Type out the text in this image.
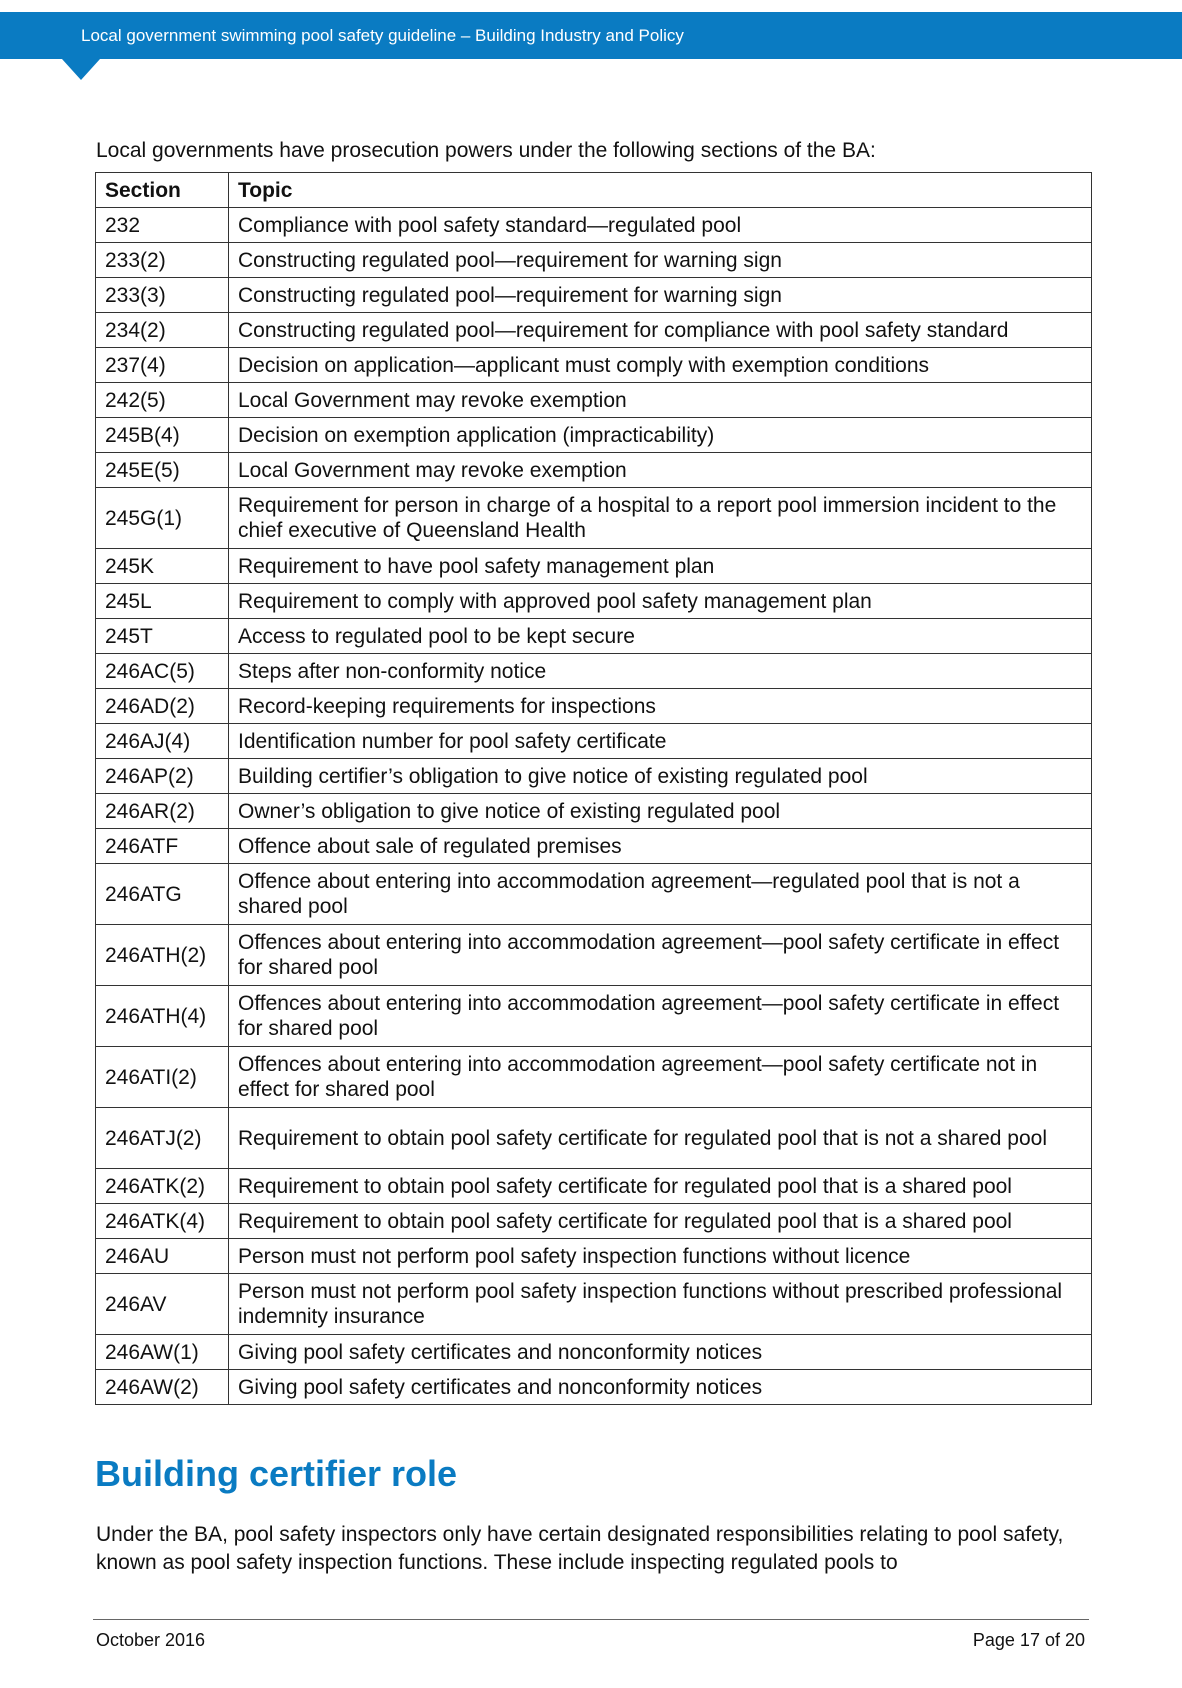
Local government swimming pool safety guideline – Building Industry and Policy
Local governments have prosecution powers under the following sections of the BA:
Section	Topic
232	Compliance with pool safety standard—regulated pool
233(2)	Constructing regulated pool—requirement for warning sign
233(3)	Constructing regulated pool—requirement for warning sign
234(2)	Constructing regulated pool—requirement for compliance with pool safety standard
237(4)	Decision on application—applicant must comply with exemption conditions
242(5)	Local Government may revoke exemption
245B(4)	Decision on exemption application (impracticability)
245E(5)	Local Government may revoke exemption
245G(1)	Requirement for person in charge of a hospital to a report pool immersion incident to the chief executive of Queensland Health
245K	Requirement to have pool safety management plan
245L	Requirement to comply with approved pool safety management plan
245T	Access to regulated pool to be kept secure
246AC(5)	Steps after non-conformity notice
246AD(2)	Record-keeping requirements for inspections
246AJ(4)	Identification number for pool safety certificate
246AP(2)	Building certifier’s obligation to give notice of existing regulated pool
246AR(2)	Owner’s obligation to give notice of existing regulated pool
246ATF	Offence about sale of regulated premises
246ATG	Offence about entering into accommodation agreement—regulated pool that is not a shared pool
246ATH(2)	Offences about entering into accommodation agreement—pool safety certificate in effect for shared pool
246ATH(4)	Offences about entering into accommodation agreement—pool safety certificate in effect for shared pool
246ATI(2)	Offences about entering into accommodation agreement—pool safety certificate not in effect for shared pool
246ATJ(2)	Requirement to obtain pool safety certificate for regulated pool that is not a shared pool
246ATK(2)	Requirement to obtain pool safety certificate for regulated pool that is a shared pool
246ATK(4)	Requirement to obtain pool safety certificate for regulated pool that is a shared pool
246AU	Person must not perform pool safety inspection functions without licence
246AV	Person must not perform pool safety inspection functions without prescribed professional indemnity insurance
246AW(1)	Giving pool safety certificates and nonconformity notices
246AW(2)	Giving pool safety certificates and nonconformity notices
Building certifier role
Under the BA, pool safety inspectors only have certain designated responsibilities relating to pool safety, known as pool safety inspection functions. These include inspecting regulated pools to
October 2016	Page 17 of 20
